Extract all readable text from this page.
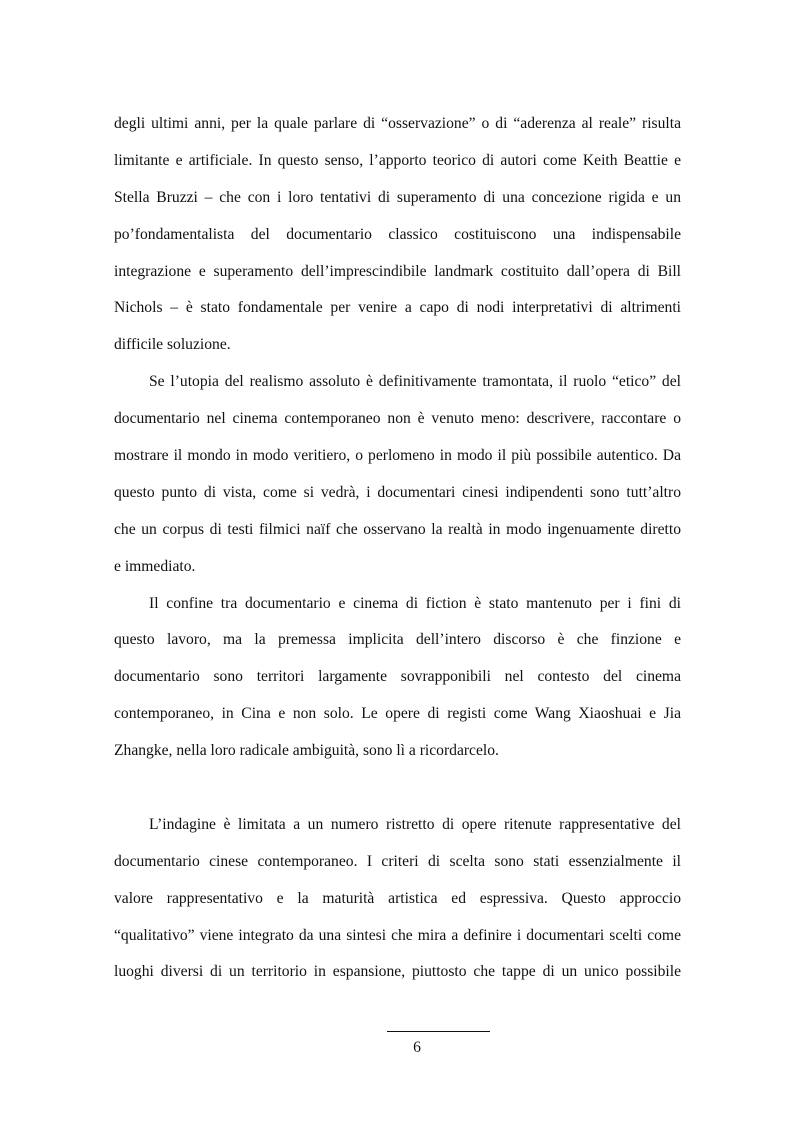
degli ultimi anni, per la quale parlare di “osservazione” o di “aderenza al reale” risulta
limitante e artificiale. In questo senso, l’apporto teorico di autori come Keith Beattie e
Stella Bruzzi – che con i loro tentativi di superamento di una concezione rigida e un
po’fondamentalista del documentario classico costituiscono una indispensabile
integrazione e superamento dell’imprescindibile landmark costituito dall’opera di Bill
Nichols – è stato fondamentale per venire a capo di nodi interpretativi di altrimenti
difficile soluzione.
Se l’utopia del realismo assoluto è definitivamente tramontata, il ruolo “etico” del
documentario nel cinema contemporaneo non è venuto meno: descrivere, raccontare o
mostrare il mondo in modo veritiero, o perlomeno in modo il più possibile autentico. Da
questo punto di vista, come si vedrà, i documentari cinesi indipendenti sono tutt’altro
che un corpus di testi filmici naïf che osservano la realtà in modo ingenuamente diretto
e immediato.
Il confine tra documentario e cinema di fiction è stato mantenuto per i fini di
questo lavoro, ma la premessa implicita dell’intero discorso è che finzione e
documentario sono territori largamente sovrapponibili nel contesto del cinema
contemporaneo, in Cina e non solo. Le opere di registi come Wang Xiaoshuai e Jia
Zhangke, nella loro radicale ambiguità, sono lì a ricordarcelo.
L’indagine è limitata a un numero ristretto di opere ritenute rappresentative del
documentario cinese contemporaneo. I criteri di scelta sono stati essenzialmente il
valore rappresentativo e la maturità artistica ed espressiva. Questo approccio
“qualitativo” viene integrato da una sintesi che mira a definire i documentari scelti come
luoghi diversi di un territorio in espansione, piuttosto che tappe di un unico possibile
6
